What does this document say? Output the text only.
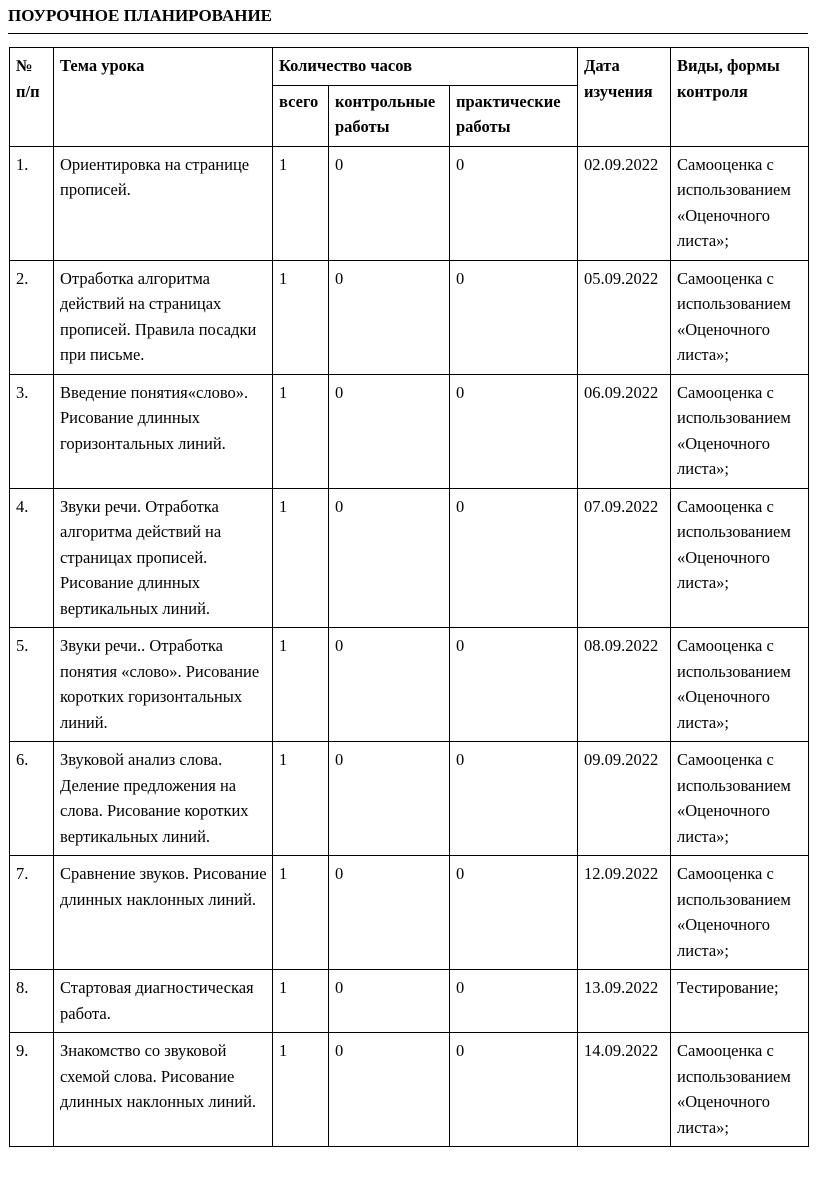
ПОУРОЧНОЕ ПЛАНИРОВАНИЕ
№ п/п	Тема урока	Количество часов			Дата изучения	Виды, формы контроля
		всего	контрольные работы	практические работы		
1.	Ориентировка на странице прописей.	1	0	0	02.09.2022	Самооценка с использованием «Оценочного листа»;
2.	Отработка алгоритма действий на страницах прописей. Правила посадки при письме.	1	0	0	05.09.2022	Самооценка с использованием «Оценочного листа»;
3.	Введение понятия«слово». Рисование длинных горизонтальных линий.	1	0	0	06.09.2022	Самооценка с использованием «Оценочного листа»;
4.	Звуки речи. Отработка алгоритма действий на страницах прописей. Рисование длинных вертикальных линий.	1	0	0	07.09.2022	Самооценка с использованием «Оценочного листа»;
5.	Звуки речи.. Отработка понятия «слово». Рисование коротких горизонтальных линий.	1	0	0	08.09.2022	Самооценка с использованием «Оценочного листа»;
6.	Звуковой анализ слова. Деление предложения на слова. Рисование коротких вертикальных линий.	1	0	0	09.09.2022	Самооценка с использованием «Оценочного листа»;
7.	Сравнение звуков. Рисование длинных наклонных линий.	1	0	0	12.09.2022	Самооценка с использованием «Оценочного листа»;
8.	Стартовая диагностическая работа.	1	0	0	13.09.2022	Тестирование;
9.	Знакомство со звуковой схемой слова. Рисование длинных наклонных линий.	1	0	0	14.09.2022	Самооценка с использованием «Оценочного листа»;
